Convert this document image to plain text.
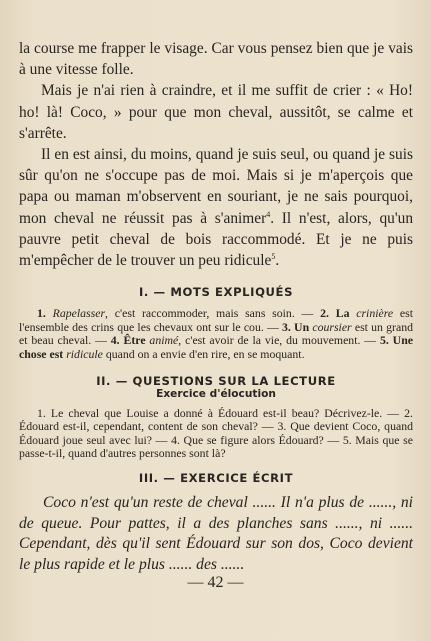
la course me frapper le visage. Car vous pensez bien que je vais à une vitesse folle.

Mais je n'ai rien à craindre, et il me suffit de crier : « Ho! ho! là! Coco, » pour que mon cheval, aussitôt, se calme et s'arrête.

Il en est ainsi, du moins, quand je suis seul, ou quand je suis sûr qu'on ne s'occupe pas de moi. Mais si je m'aperçois que papa ou maman m'observent en souriant, je ne sais pourquoi, mon cheval ne réussit pas à s'animer$^4$. Il n'est, alors, qu'un pauvre petit cheval de bois raccommodé. Et je ne puis m'empêcher de le trouver un peu ridicule$^5$.

I. — MOTS EXPLIQUÉS

1. Rapelasser, c'est raccommoder, mais sans soin. — 2. La crinière est l'ensemble des crins que les chevaux ont sur le cou. — 3. Un coursier est un grand et beau cheval. — 4. Être animé, c'est avoir de la vie, du mouvement. — 5. Une chose est ridicule quand on a envie d'en rire, en se moquant.

II. — QUESTIONS SUR LA LECTURE
Exercice d'élocution

1. Le cheval que Louise a donné à Édouard est-il beau? Décrivez-le. — 2. Édouard est-il, cependant, content de son cheval? — 3. Que devient Coco, quand Édouard joue seul avec lui? — 4. Que se figure alors Édouard? — 5. Mais que se passe-t-il, quand d'autres personnes sont là?

III. — EXERCICE ÉCRIT

Coco n'est qu'un reste de cheval ...... Il n'a plus de ......, ni de queue. Pour pattes, il a des planches sans ......, ni ...... Cependant, dès qu'il sent Édouard sur son dos, Coco devient le plus rapide et le plus ...... des ......

— 42 —
